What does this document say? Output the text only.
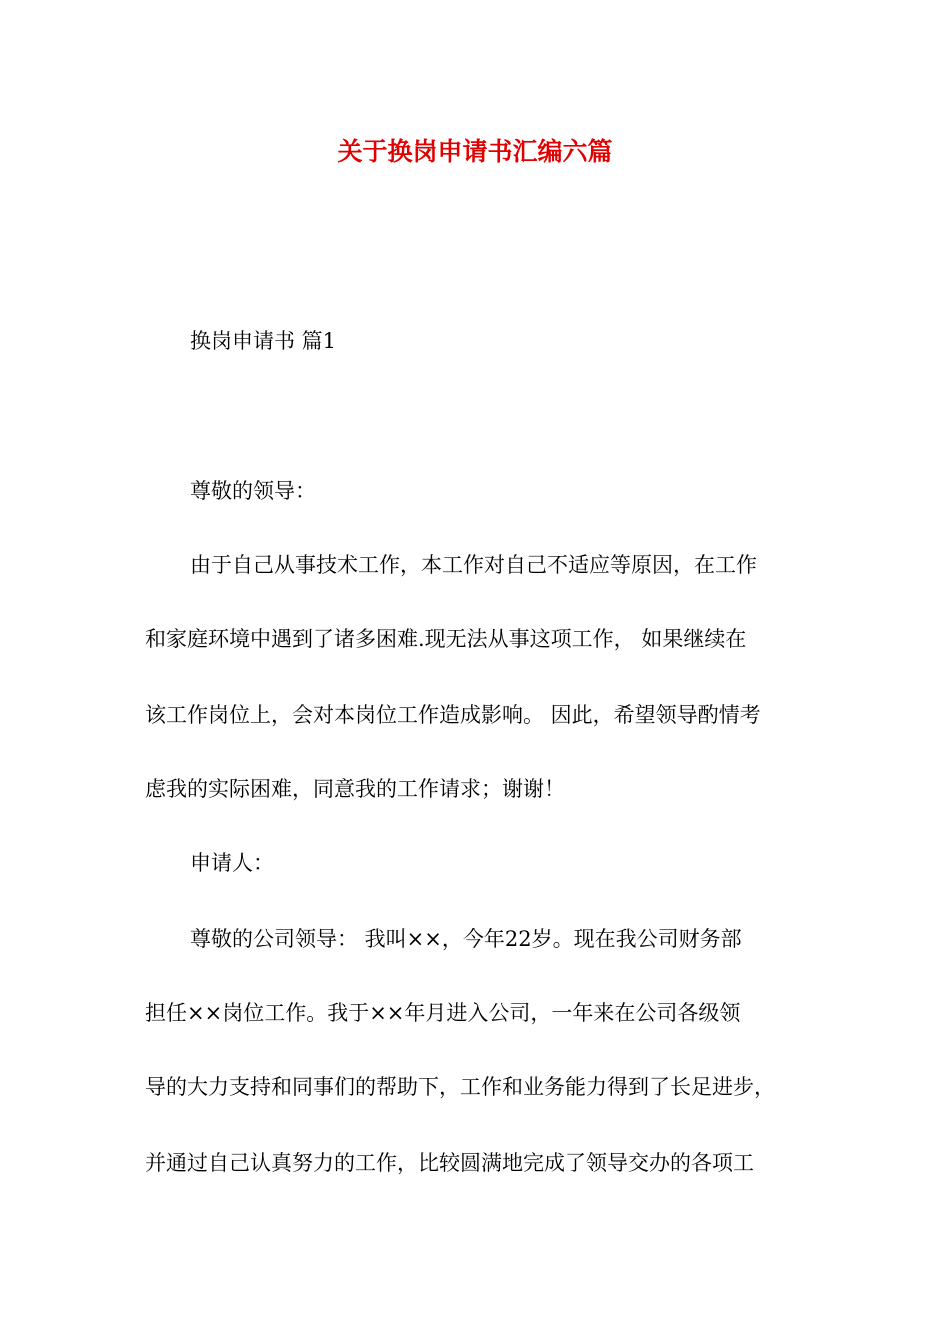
关于换岗申请书汇编六篇

换岗申请书 篇1

尊敬的领导：

由于自己从事技术工作，本工作对自己不适应等原因，在工作

和家庭环境中遇到了诸多困难.现无法从事这项工作， 如果继续在

该工作岗位上，会对本岗位工作造成影响。 因此，希望领导酌情考

虑我的实际困难，同意我的工作请求；谢谢！

申请人：

尊敬的公司领导： 我叫××，今年22岁。现在我公司财务部

担任××岗位工作。我于××年月进入公司，一年来在公司各级领

导的大力支持和同事们的帮助下，工作和业务能力得到了长足进步，

并通过自己认真努力的工作，比较圆满地完成了领导交办的各项工
